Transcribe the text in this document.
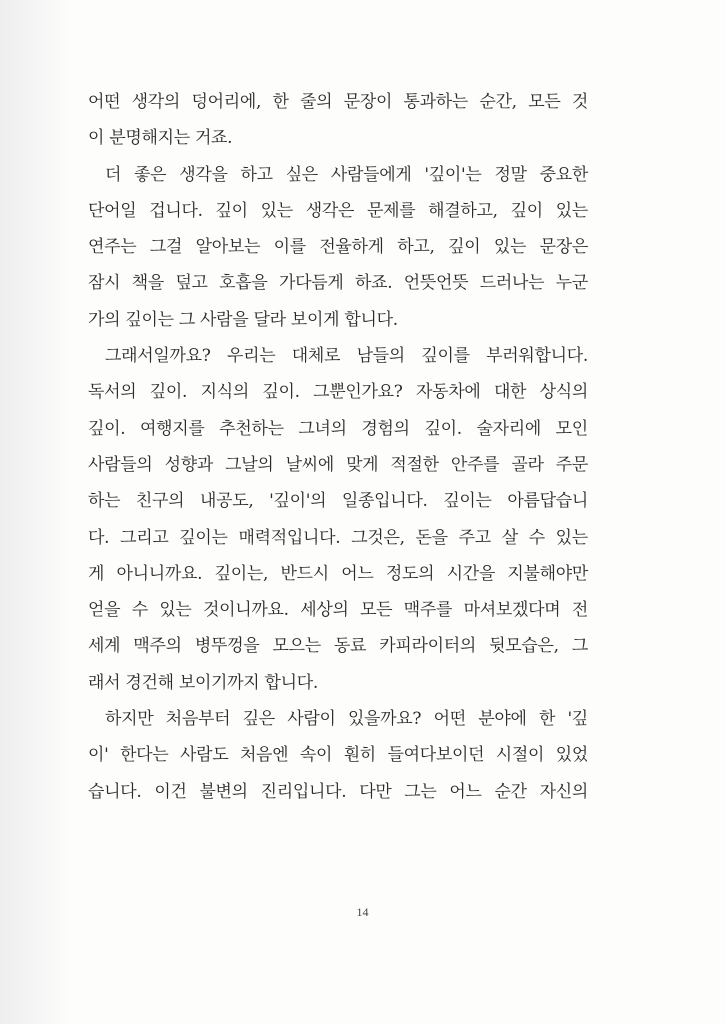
어떤 생각의 덩어리에, 한 줄의 문장이 통과하는 순간, 모든 것
이 분명해지는 거죠.
더 좋은 생각을 하고 싶은 사람들에게 '깊이'는 정말 중요한
단어일 겁니다. 깊이 있는 생각은 문제를 해결하고, 깊이 있는
연주는 그걸 알아보는 이를 전율하게 하고, 깊이 있는 문장은
잠시 책을 덮고 호흡을 가다듬게 하죠. 언뜻언뜻 드러나는 누군
가의 깊이는 그 사람을 달라 보이게 합니다.
그래서일까요? 우리는 대체로 남들의 깊이를 부러워합니다.
독서의 깊이. 지식의 깊이. 그뿐인가요? 자동차에 대한 상식의
깊이. 여행지를 추천하는 그녀의 경험의 깊이. 술자리에 모인
사람들의 성향과 그날의 날씨에 맞게 적절한 안주를 골라 주문
하는 친구의 내공도, '깊이'의 일종입니다. 깊이는 아름답습니
다. 그리고 깊이는 매력적입니다. 그것은, 돈을 주고 살 수 있는
게 아니니까요. 깊이는, 반드시 어느 정도의 시간을 지불해야만
얻을 수 있는 것이니까요. 세상의 모든 맥주를 마셔보겠다며 전
세계 맥주의 병뚜껑을 모으는 동료 카피라이터의 뒷모습은, 그
래서 경건해 보이기까지 합니다.
하지만 처음부터 깊은 사람이 있을까요? 어떤 분야에 한 '깊
이' 한다는 사람도 처음엔 속이 훤히 들여다보이던 시절이 있었
습니다. 이건 불변의 진리입니다. 다만 그는 어느 순간 자신의
14
